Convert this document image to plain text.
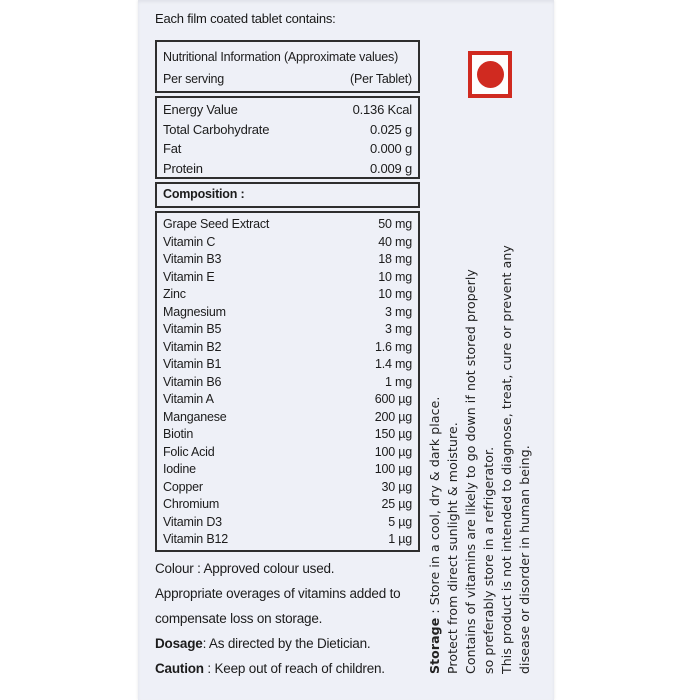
Each film coated tablet contains:
Nutritional Information (Approximate values)
Per serving	(Per Tablet)
Energy Value	0.136 Kcal
Total Carbohydrate	0.025 g
Fat	0.000 g
Protein	0.009 g
Composition :
Grape Seed Extract	50 mg
Vitamin C	40 mg
Vitamin B3	18 mg
Vitamin E	10 mg
Zinc	10 mg
Magnesium	3 mg
Vitamin B5	3 mg
Vitamin B2	1.6 mg
Vitamin B1	1.4 mg
Vitamin B6	1 mg
Vitamin A	600 µg
Manganese	200 µg
Biotin	150 µg
Folic Acid	100 µg
Iodine	100 µg
Copper	30 µg
Chromium	25 µg
Vitamin D3	5 µg
Vitamin B12	1 µg
Colour : Approved colour used.
Appropriate overages of vitamins added to compensate loss on storage.
Dosage: As directed by the Dietician.
Caution : Keep out of reach of children.	Storage : Store in a cool, dry & dark place. Protect from direct sunlight & moisture. Contains of vitamins are likely to go down if not stored properly so preferably store in a refrigerator. This product is not intended to diagnose, treat, cure or prevent any disease or disorder in human being.
